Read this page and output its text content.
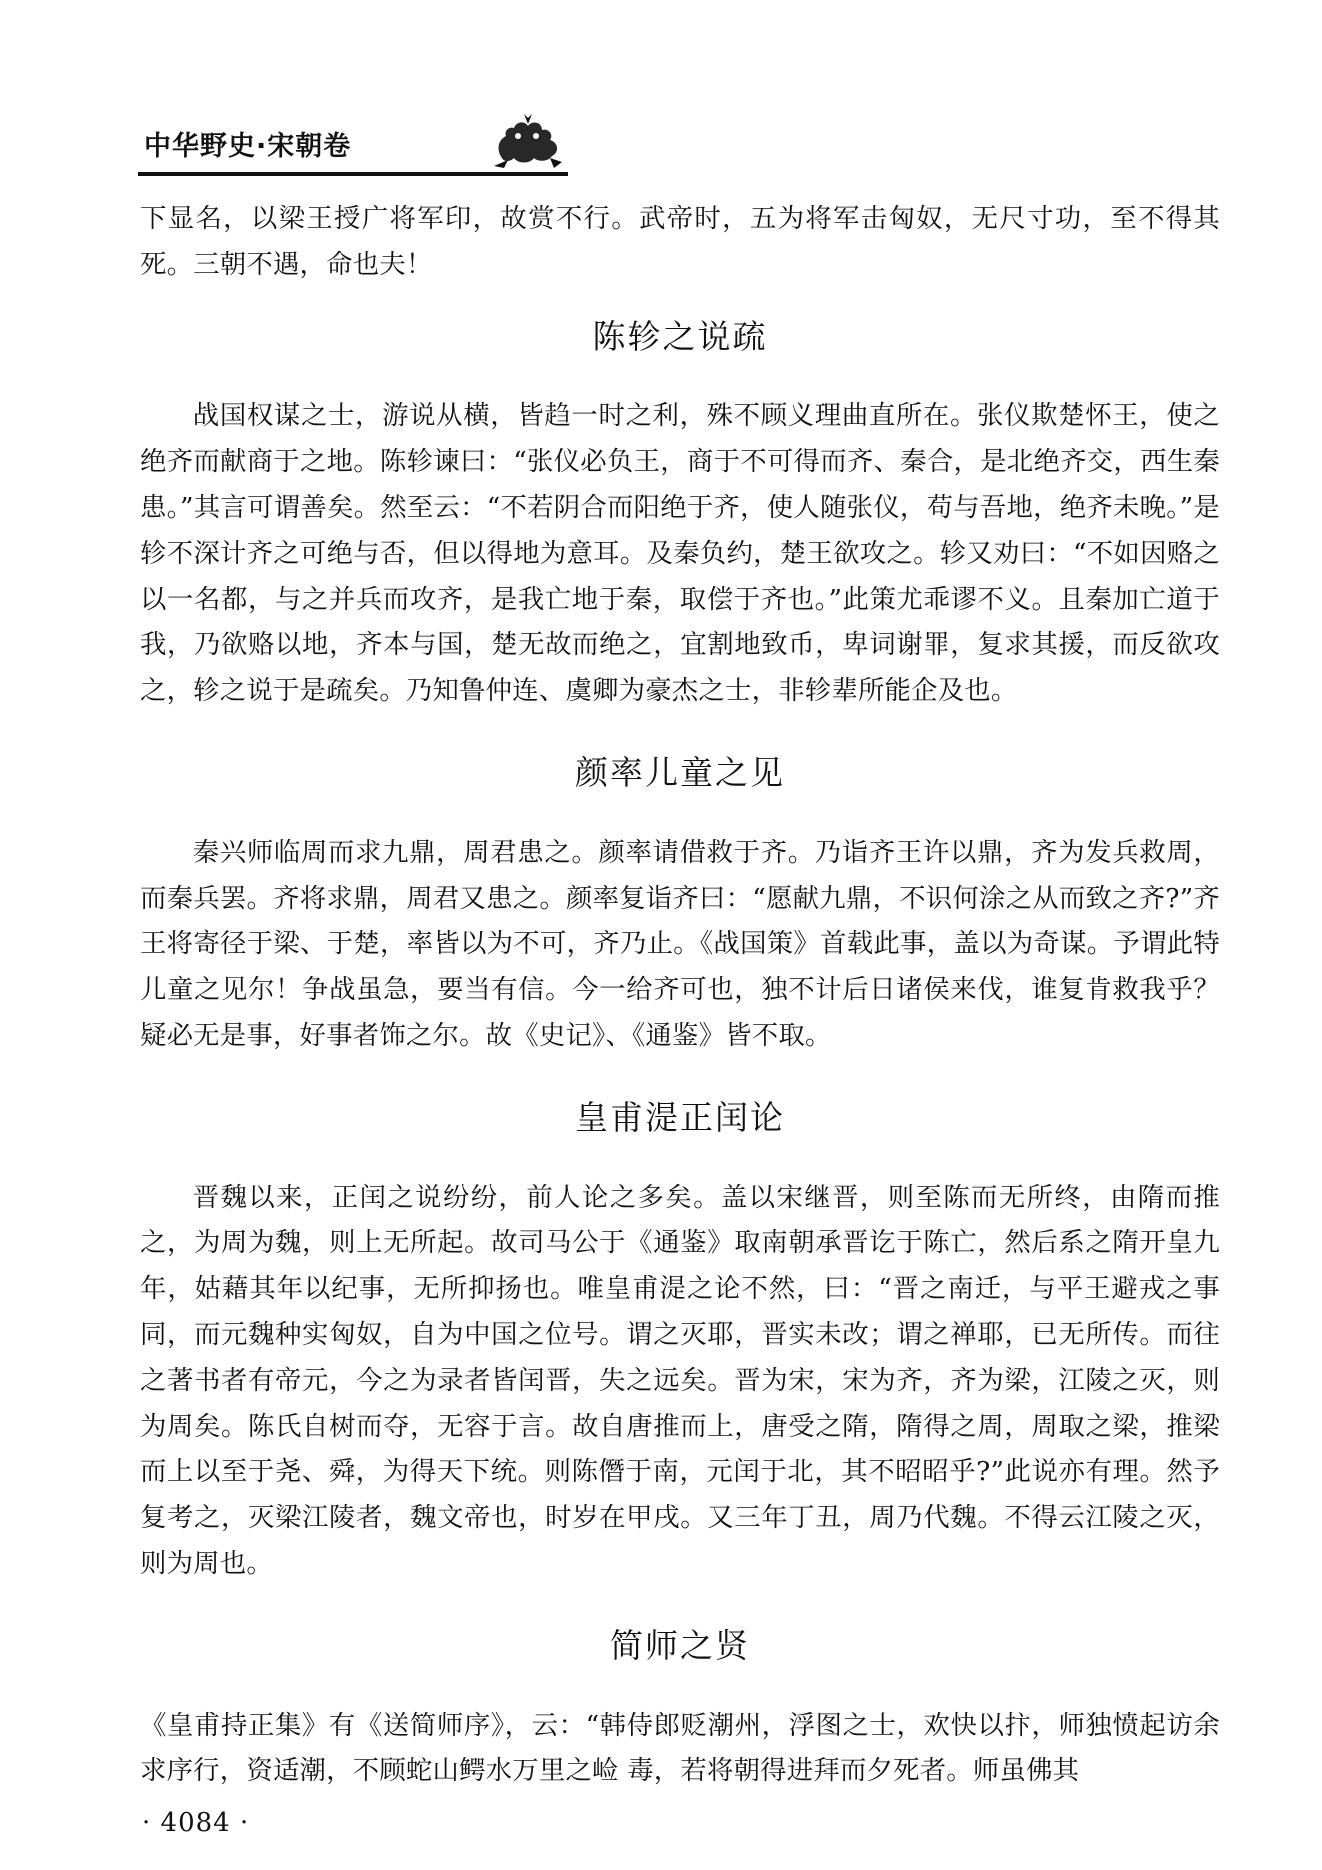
中华野史·宋朝卷

下显名，以梁王授广将军印，故赏不行。武帝时，五为将军击匈奴，无尺寸功，至不得其死。三朝不遇，命也夫！

陈轸之说疏

战国权谋之士，游说从横，皆趋一时之利，殊不顾义理曲直所在。张仪欺楚怀王，使之绝齐而献商于之地。陈轸谏曰：“张仪必负王，商于不可得而齐、秦合，是北绝齐交，西生秦患。”其言可谓善矣。然至云：“不若阴合而阳绝于齐，使人随张仪，苟与吾地，绝齐未晚。”是轸不深计齐之可绝与否，但以得地为意耳。及秦负约，楚王欲攻之。轸又劝曰：“不如因赂之以一名都，与之并兵而攻齐，是我亡地于秦，取偿于齐也。”此策尤乖谬不义。且秦加亡道于我，乃欲赂以地，齐本与国，楚无故而绝之，宜割地致币，卑词谢罪，复求其援，而反欲攻之，轸之说于是疏矣。乃知鲁仲连、虞卿为豪杰之士，非轸辈所能企及也。

颜率儿童之见

秦兴师临周而求九鼎，周君患之。颜率请借救于齐。乃诣齐王许以鼎，齐为发兵救周，而秦兵罢。齐将求鼎，周君又患之。颜率复诣齐曰：“愿献九鼎，不识何涂之从而致之齐?”齐王将寄径于梁、于楚，率皆以为不可，齐乃止。《战国策》首载此事，盖以为奇谋。予谓此特儿童之见尔！争战虽急，要当有信。今一给齐可也，独不计后日诸侯来伐，谁复肯救我乎？疑必无是事，好事者饰之尔。故《史记》、《通鉴》皆不取。

皇甫湜正闰论

晋魏以来，正闰之说纷纷，前人论之多矣。盖以宋继晋，则至陈而无所终，由隋而推之，为周为魏，则上无所起。故司马公于《通鉴》取南朝承晋讫于陈亡，然后系之隋开皇九年，姑藉其年以纪事，无所抑扬也。唯皇甫湜之论不然，曰：“晋之南迁，与平王避戎之事同，而元魏种实匈奴，自为中国之位号。谓之灭耶，晋实未改；谓之禅耶，已无所传。而往之著书者有帝元，今之为录者皆闰晋，失之远矣。晋为宋，宋为齐，齐为梁，江陵之灭，则为周矣。陈氏自树而夺，无容于言。故自唐推而上，唐受之隋，隋得之周，周取之梁，推梁而上以至于尧、舜，为得天下统。则陈僭于南，元闰于北，其不昭昭乎?”此说亦有理。然予复考之，灭梁江陵者，魏文帝也，时岁在甲戌。又三年丁丑，周乃代魏。不得云江陵之灭，则为周也。

简师之贤

《皇甫持正集》有《送简师序》，云：“韩侍郎贬潮州，浮图之士，欢快以抃，师独愤起访余求序行，资适潮，不顾蛇山鳄水万里之崄 毒，若将朝得进拜而夕死者。师虽佛其

· 4084 ·
